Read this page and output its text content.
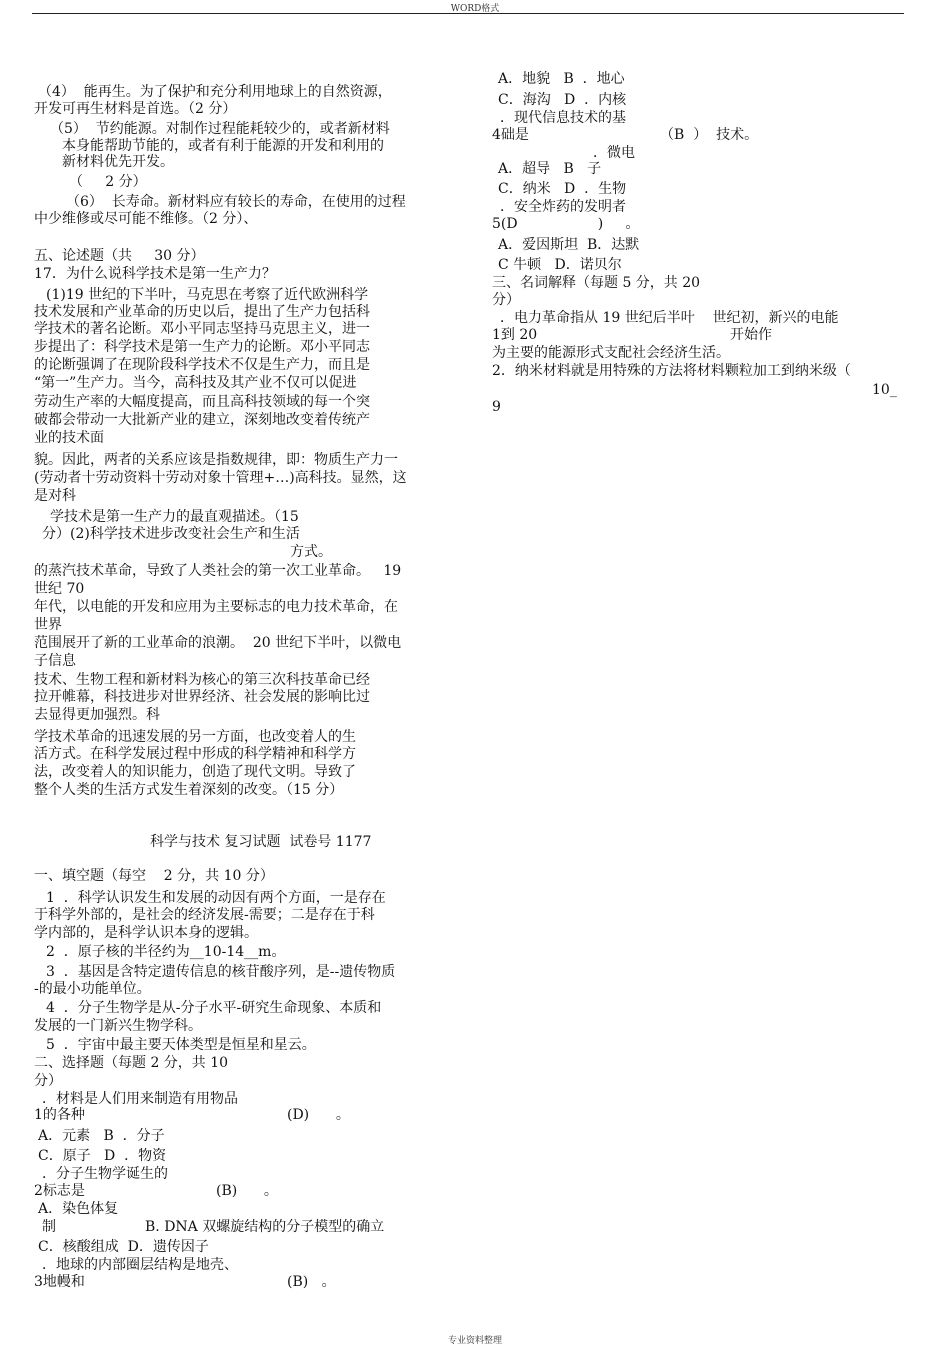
WORD格式
（4）  能再生。为了保护和充分利用地球上的自然资源，
开发可再生材料是首选。（2 分）
（5）  节约能源。对制作过程能耗较少的，或者新材料
本身能帮助节能的，或者有利于能源的开发和利用的
新材料优先开发。
（     2 分）
（6）  长寿命。新材料应有较长的寿命，在使用的过程
中少维修或尽可能不维修。（2 分）、
五、论述题（共     30 分）
17．为什么说科学技术是第一生产力？
(1)19 世纪的下半叶，马克思在考察了近代欧洲科学
技术发展和产业革命的历史以后，提出了生产力包括科
学技术的著名论断。邓小平同志坚持马克思主义，进一
步提出了：科学技术是第一生产力的论断。邓小平同志
的论断强调了在现阶段科学技术不仅是生产力，而且是
“第一”生产力。当今，高科技及其产业不仅可以促进
劳动生产率的大幅度提高，而且高科技领域的每一个突
破都会带动一大批新产业的建立，深刻地改变着传统产
业的技术面
貌。因此，两者的关系应该是指数规律，即：物质生产力一
(劳动者十劳动资料十劳动对象十管理+…)高科技。显然，这
是对科
学技术是第一生产力的最直观描述。（15
分）(2)科学技术进步改变社会生产和生活
方式。
的蒸汽技术革命，导致了人类社会的第一次工业革命。   19
世纪 70
年代，以电能的开发和应用为主要标志的电力技术革命，在
世界
范围展开了新的工业革命的浪潮。  20 世纪下半叶，以微电
子信息
技术、生物工程和新材料为核心的第三次科技革命已经
拉开帷幕，科技进步对世界经济、社会发展的影响比过
去显得更加强烈。科
学技术革命的迅速发展的另一方面，也改变着人的生
活方式。在科学发展过程中形成的科学精神和科学方
法，改变着人的知识能力，创造了现代文明。导致了
整个人类的生活方式发生着深刻的改变。（15 分）
科学与技术 复习试题  试卷号 1177
一、填空题（每空    2 分，共 10 分）
1  ．科学认识发生和发展的动因有两个方面，一是存在
于科学外部的，是社会的经济发展-需要；二是存在于科
学内部的，是科学认识本身的逻辑。
2  ．原子核的半径约为__10-14__m。
3  ．基因是含特定遗传信息的核苷酸序列，是--遗传物质
-的最小功能单位。
4  ．分子生物学是从-分子水平-研究生命现象、本质和
发展的一门新兴生物学科。
5  ．宇宙中最主要天体类型是恒星和星云。
二、选择题（每题 2 分，共 10
分）
．材料是人们用来制造有用物品
1的各种	(D)      。
A．元素   B  ．分子
C．原子   D  ．物资
．分子生物学诞生的
2标志是	(B)      。
A．染色体复
制	B. DNA 双螺旋结构的分子模型的确立
C．核酸组成  D．遗传因子
．地球的内部圈层结构是地壳、
3地幔和	(B)   。
A．地貌   B  ．地心
C．海沟   D  ．内核
．现代信息技术的基
4础是	（B  ）  技术。
．微电
A．超导   B   子
C．纳米   D  ．生物
．安全炸药的发明者
5(D                  )     。
A．爱因斯坦  B．达默
C 牛顿   D．诺贝尔
三、名词解释（每题 5 分，共 20
分）
．电力革命指从 19 世纪后半叶    世纪初，新兴的电能
1到 20	开始作
为主要的能源形式支配社会经济生活。
2．纳米材料就是用特殊的方法将材料颗粒加工到纳米级（
10_
9
专业资料整理
